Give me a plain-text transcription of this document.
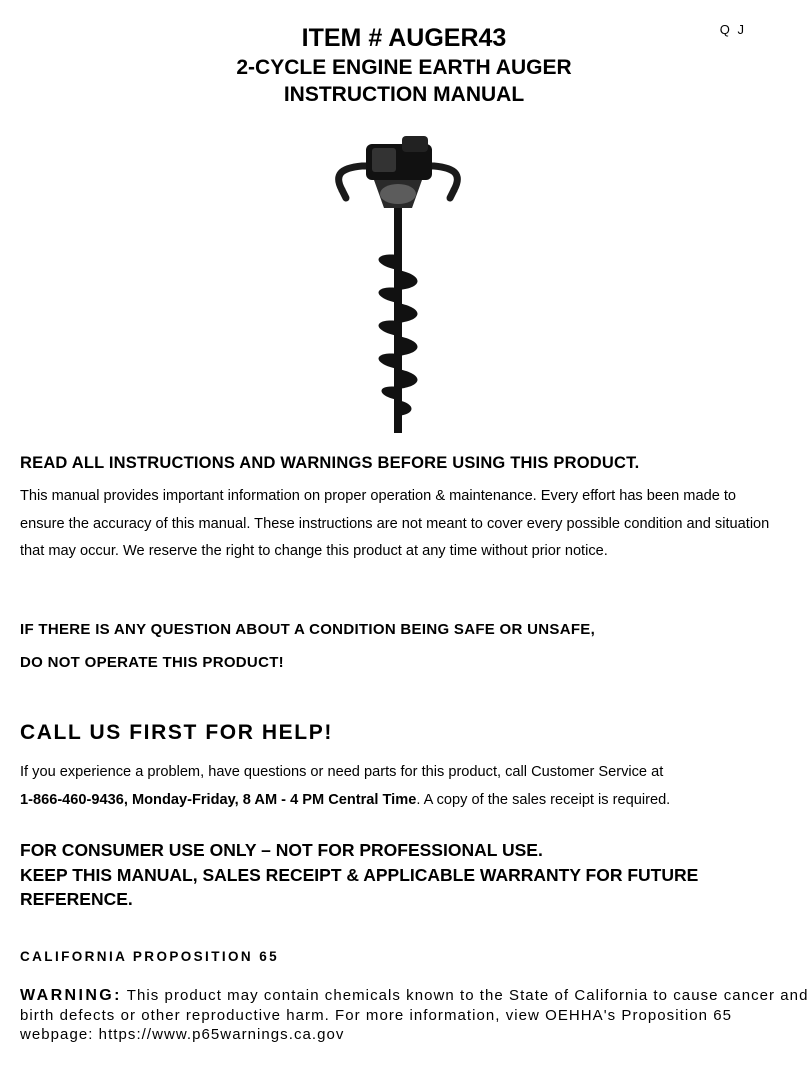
Q J
ITEM # AUGER43
2-CYCLE ENGINE EARTH AUGER
INSTRUCTION MANUAL
READ ALL INSTRUCTIONS AND WARNINGS BEFORE USING THIS PRODUCT.
This manual provides important information on proper operation & maintenance. Every effort has been made to ensure the accuracy of this manual. These instructions are not meant to cover every possible condition and situation that may occur. We reserve the right to change this product at any time without prior notice.
IF THERE IS ANY QUESTION ABOUT A CONDITION BEING SAFE OR UNSAFE,
DO NOT OPERATE THIS PRODUCT!
CALL US FIRST FOR HELP!
If you experience a problem, have questions or need parts for this product, call Customer Service at
1-866-460-9436, Monday-Friday, 8 AM - 4 PM Central Time. A copy of the sales receipt is required.
FOR CONSUMER USE ONLY – NOT FOR PROFESSIONAL USE.
KEEP THIS MANUAL, SALES RECEIPT & APPLICABLE WARRANTY FOR FUTURE REFERENCE.
CALIFORNIA PROPOSITION 65
WARNING: This product may contain chemicals known to the State of California to cause cancer and birth defects or other reproductive harm. For more information, view OEHHA's Proposition 65 webpage: https://www.p65warnings.ca.gov
